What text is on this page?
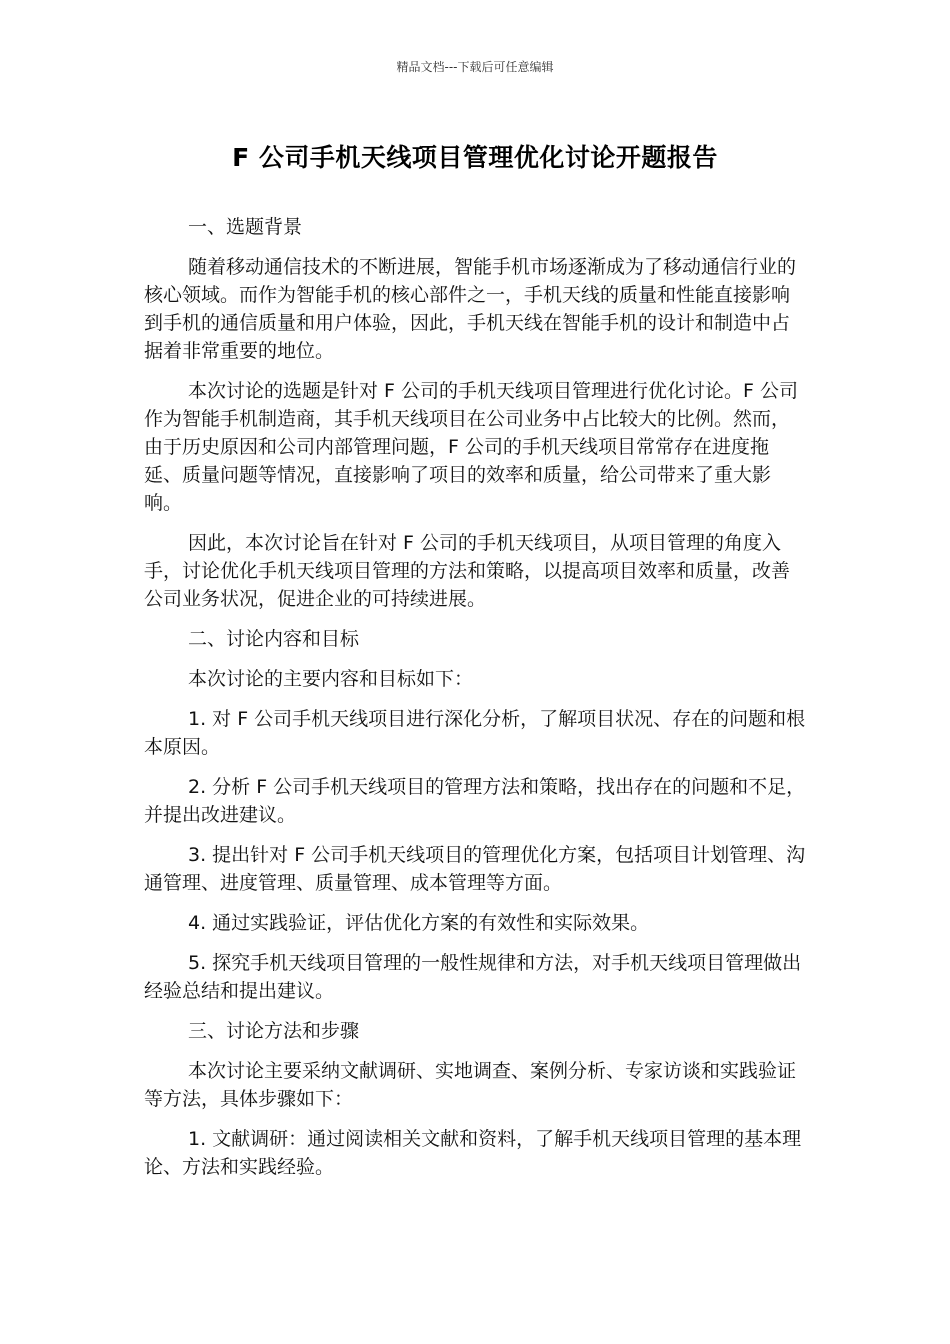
精品文档---下载后可任意编辑
F 公司手机天线项目管理优化讨论开题报告

一、选题背景

随着移动通信技术的不断进展，智能手机市场逐渐成为了移动通信行业的核心领域。而作为智能手机的核心部件之一，手机天线的质量和性能直接影响到手机的通信质量和用户体验，因此，手机天线在智能手机的设计和制造中占据着非常重要的地位。

本次讨论的选题是针对 F 公司的手机天线项目管理进行优化讨论。F 公司作为智能手机制造商，其手机天线项目在公司业务中占比较大的比例。然而，由于历史原因和公司内部管理问题，F 公司的手机天线项目常常存在进度拖延、质量问题等情况，直接影响了项目的效率和质量，给公司带来了重大影响。

因此，本次讨论旨在针对 F 公司的手机天线项目，从项目管理的角度入手，讨论优化手机天线项目管理的方法和策略，以提高项目效率和质量，改善公司业务状况，促进企业的可持续进展。

二、讨论内容和目标

本次讨论的主要内容和目标如下：

1. 对 F 公司手机天线项目进行深化分析，了解项目状况、存在的问题和根本原因。

2. 分析 F 公司手机天线项目的管理方法和策略，找出存在的问题和不足，并提出改进建议。

3. 提出针对 F 公司手机天线项目的管理优化方案，包括项目计划管理、沟通管理、进度管理、质量管理、成本管理等方面。

4. 通过实践验证，评估优化方案的有效性和实际效果。

5. 探究手机天线项目管理的一般性规律和方法，对手机天线项目管理做出经验总结和提出建议。

三、讨论方法和步骤

本次讨论主要采纳文献调研、实地调查、案例分析、专家访谈和实践验证等方法，具体步骤如下：

1. 文献调研：通过阅读相关文献和资料，了解手机天线项目管理的基本理论、方法和实践经验。
